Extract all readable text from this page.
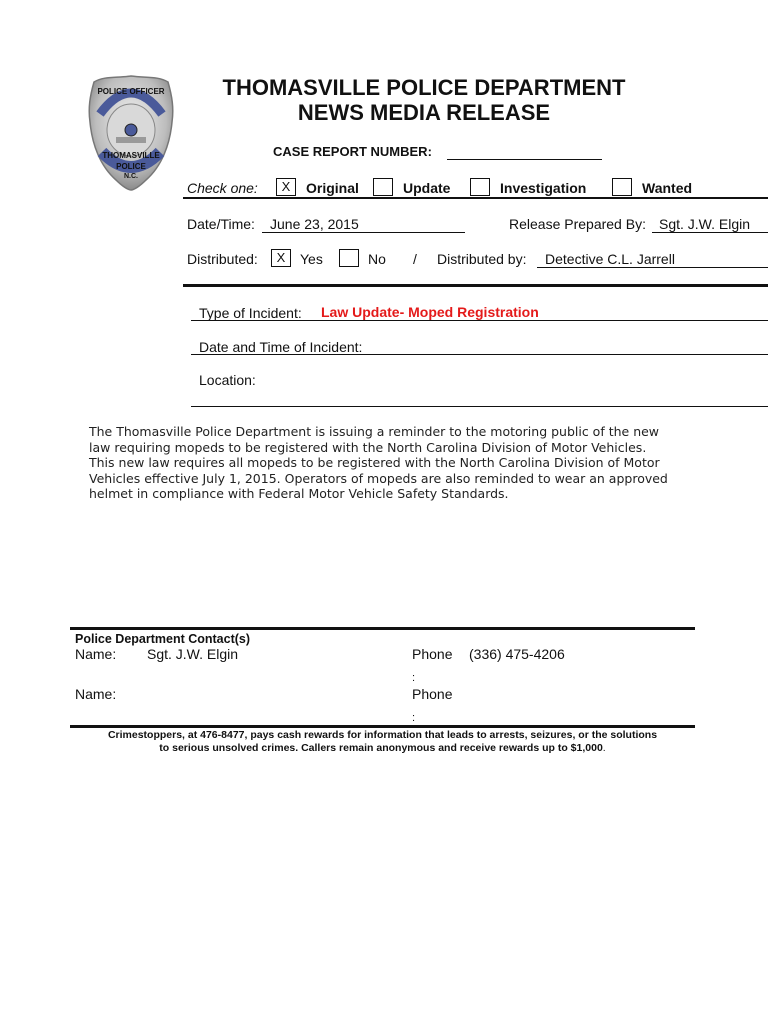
POLICE OFFICER
THOMASVILLE
POLICE
N.C.
THOMASVILLE POLICE DEPARTMENT
NEWS MEDIA RELEASE
CASE REPORT NUMBER:
Check one:	X	Original	Update	Investigation	Wanted
Date/Time:	June 23, 2015	Release Prepared By: Sgt. J.W. Elgin
Distributed:	X	Yes	No / Distributed by:	Detective C.L. Jarrell
Type of Incident: Law Update- Moped Registration
Date and Time of Incident:
Location:
The Thomasville Police Department is issuing a reminder to the motoring public of the new law requiring mopeds to be registered with the North Carolina Division of Motor Vehicles. This new law requires all mopeds to be registered with the North Carolina Division of Motor Vehicles effective July 1, 2015. Operators of mopeds are also reminded to wear an approved helmet in compliance with Federal Motor Vehicle Safety Standards.
Police Department Contact(s)
Name: Sgt. J.W. Elgin	Phone (336) 475-4206
:
Name:	Phone
:
Crimestoppers, at 476-8477, pays cash rewards for information that leads to arrests, seizures, or the solutions
to serious unsolved crimes. Callers remain anonymous and receive rewards up to $1,000.
